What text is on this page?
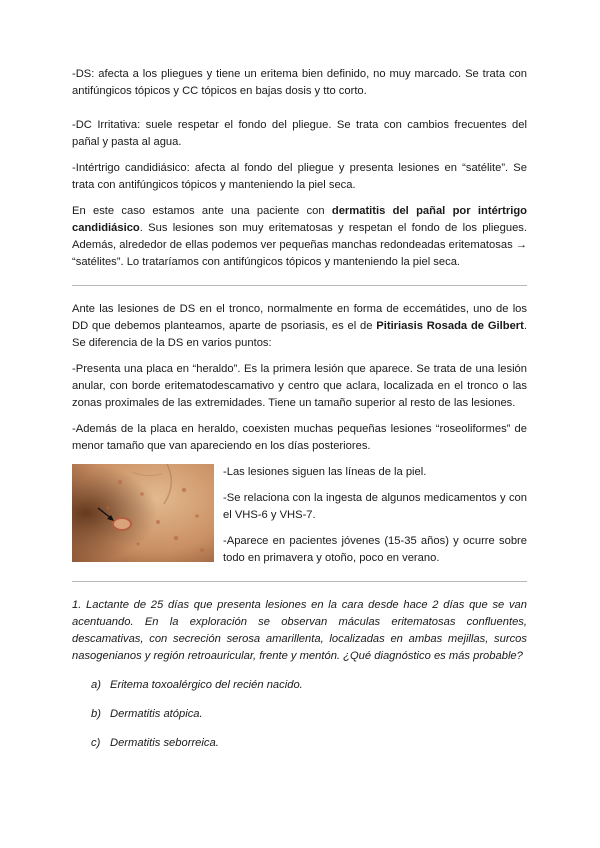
-DS: afecta a los pliegues y tiene un eritema bien definido, no muy marcado. Se trata con antifúngicos tópicos y CC tópicos en bajas dosis y tto corto.

-DC Irritativa: suele respetar el fondo del pliegue. Se trata con cambios frecuentes del pañal y pasta al agua.

-Intértrigo candidiásico: afecta al fondo del pliegue y presenta lesiones en “satélite”. Se trata con antifúngicos tópicos y manteniendo la piel seca.

En este caso estamos ante una paciente con dermatitis del pañal por intértrigo candidiásico. Sus lesiones son muy eritematosas y respetan el fondo de los pliegues. Además, alrededor de ellas podemos ver pequeñas manchas redondeadas eritematosas → “satélites”. Lo trataríamos con antifúngicos tópicos y manteniendo la piel seca.

Ante las lesiones de DS en el tronco, normalmente en forma de eccemátides, uno de los DD que debemos planteamos, aparte de psoriasis, es el de Pitiriasis Rosada de Gilbert. Se diferencia de la DS en varios puntos:

-Presenta una placa en “heraldo”. Es la primera lesión que aparece. Se trata de una lesión anular, con borde eritematodescamativo y centro que aclara, localizada en el tronco o las zonas proximales de las extremidades. Tiene un tamaño superior al resto de las lesiones.

-Además de la placa en heraldo, coexisten muchas pequeñas lesiones “roseoliformes” de menor tamaño que van apareciendo en los días posteriores.

-Las lesiones siguen las líneas de la piel.

-Se relaciona con la ingesta de algunos medicamentos y con el VHS-6 y VHS-7.

-Aparece en pacientes jóvenes (15-35 años) y ocurre sobre todo en primavera y otoño, poco en verano.

1. Lactante de 25 días que presenta lesiones en la cara desde hace 2 días que se van acentuando. En la exploración se observan máculas eritematosas confluentes, descamativas, con secreción serosa amarillenta, localizadas en ambas mejillas, surcos nasogenianos y región retroauricular, frente y mentón. ¿Qué diagnóstico es más probable?

a) Eritema toxoalérgico del recién nacido.
b) Dermatitis atópica.
c) Dermatitis seborreica.
